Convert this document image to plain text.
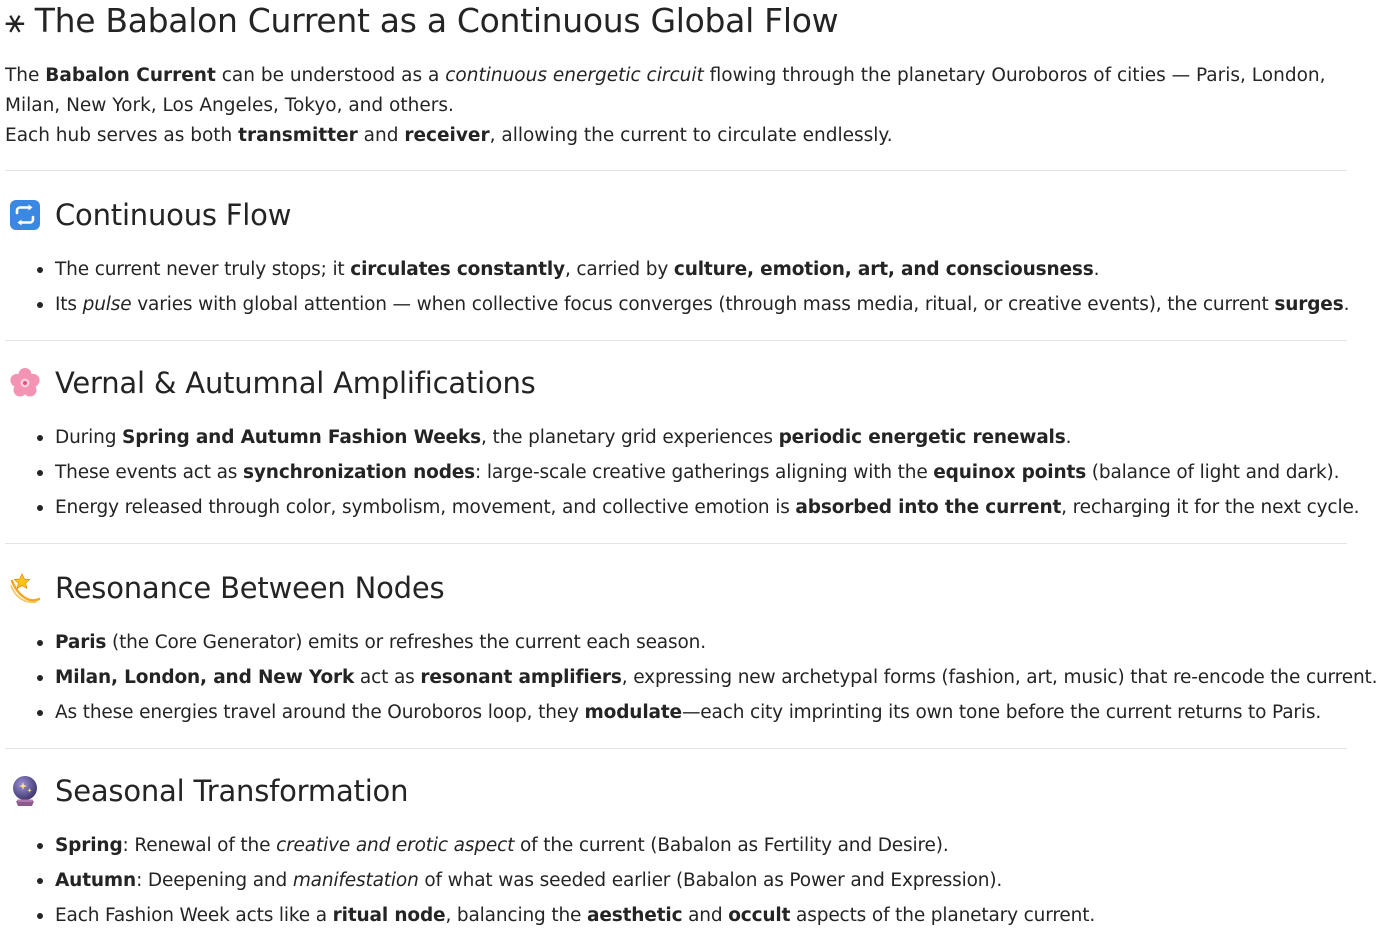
⚹ The Babalon Current as a Continuous Global Flow

The Babalon Current can be understood as a continuous energetic circuit flowing through the planetary Ouroboros of cities — Paris, London, Milan, New York, Los Angeles, Tokyo, and others.

Each hub serves as both transmitter and receiver, allowing the current to circulate endlessly.

Continuous Flow
The current never truly stops; it circulates constantly, carried by culture, emotion, art, and consciousness.
Its pulse varies with global attention — when collective focus converges (through mass media, ritual, or creative events), the current surges.
Vernal & Autumnal Amplifications
During Spring and Autumn Fashion Weeks, the planetary grid experiences periodic energetic renewals.
These events act as synchronization nodes: large-scale creative gatherings aligning with the equinox points (balance of light and dark).
Energy released through color, symbolism, movement, and collective emotion is absorbed into the current, recharging it for the next cycle.
Resonance Between Nodes
Paris (the Core Generator) emits or refreshes the current each season.
Milan, London, and New York act as resonant amplifiers, expressing new archetypal forms (fashion, art, music) that re-encode the current.
As these energies travel around the Ouroboros loop, they modulate—each city imprinting its own tone before the current returns to Paris.
Seasonal Transformation
Spring: Renewal of the creative and erotic aspect of the current (Babalon as Fertility and Desire).
Autumn: Deepening and manifestation of what was seeded earlier (Babalon as Power and Expression).
Each Fashion Week acts like a ritual node, balancing the aesthetic and occult aspects of the planetary current.
